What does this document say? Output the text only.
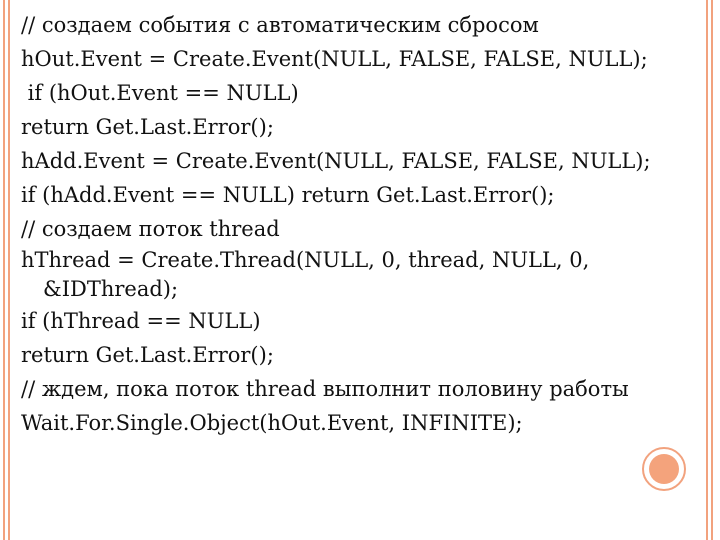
// создаем события с автоматическим сбросом
hOut.Event = Create.Event(NULL, FALSE, FALSE, NULL);
if (hOut.Event == NULL)
return Get.Last.Error();
hAdd.Event = Create.Event(NULL, FALSE, FALSE, NULL);
if (hAdd.Event == NULL) return Get.Last.Error();
// создаем поток thread
hThread = Create.Thread(NULL, 0, thread, NULL, 0,
&IDThread);
if (hThread == NULL)
return Get.Last.Error();
// ждем, пока поток thread выполнит половину работы
Wait.For.Single.Object(hOut.Event, INFINITE);
